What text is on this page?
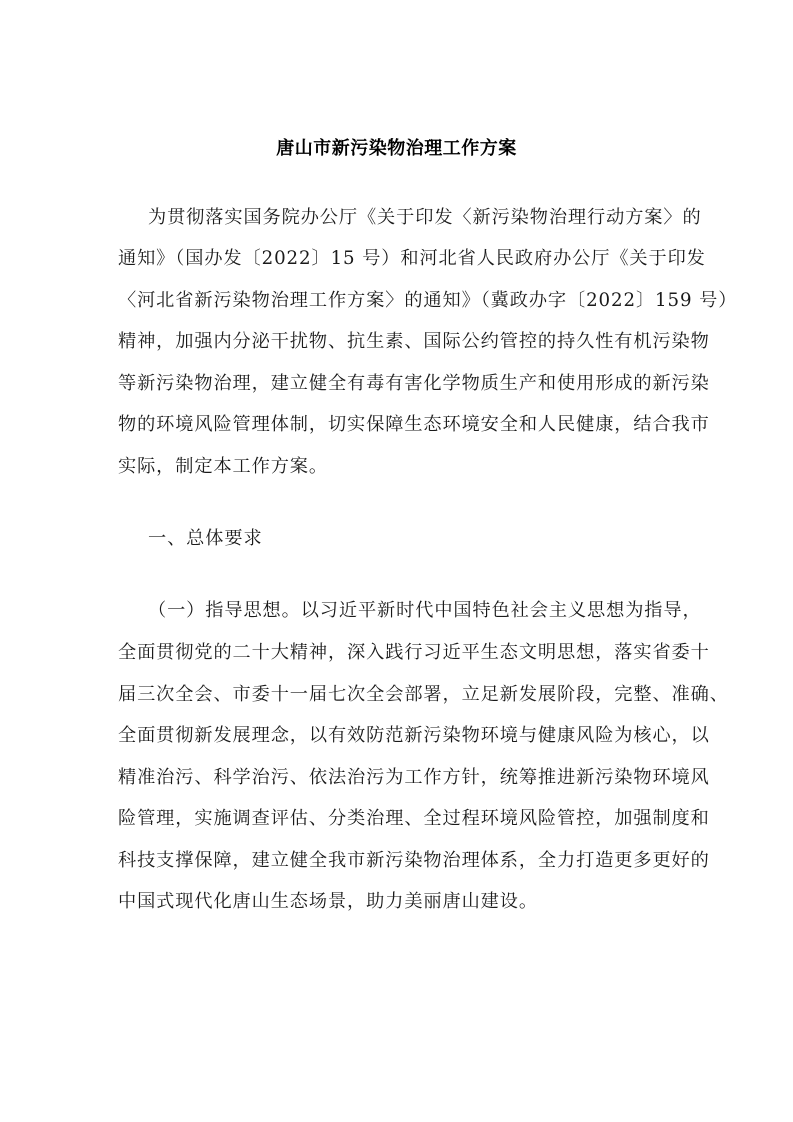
唐山市新污染物治理工作方案
为贯彻落实国务院办公厅《关于印发〈新污染物治理行动方案〉的
通知》（国办发〔2022〕15 号）和河北省人民政府办公厅《关于印发
〈河北省新污染物治理工作方案〉的通知》（冀政办字〔2022〕159 号）
精神，加强内分泌干扰物、抗生素、国际公约管控的持久性有机污染物
等新污染物治理，建立健全有毒有害化学物质生产和使用形成的新污染
物的环境风险管理体制，切实保障生态环境安全和人民健康，结合我市
实际，制定本工作方案。
一、总体要求
（一）指导思想。以习近平新时代中国特色社会主义思想为指导，
全面贯彻党的二十大精神，深入践行习近平生态文明思想，落实省委十
届三次全会、市委十一届七次全会部署，立足新发展阶段，完整、准确、
全面贯彻新发展理念，以有效防范新污染物环境与健康风险为核心，以
精准治污、科学治污、依法治污为工作方针，统筹推进新污染物环境风
险管理，实施调查评估、分类治理、全过程环境风险管控，加强制度和
科技支撑保障，建立健全我市新污染物治理体系，全力打造更多更好的
中国式现代化唐山生态场景，助力美丽唐山建设。
